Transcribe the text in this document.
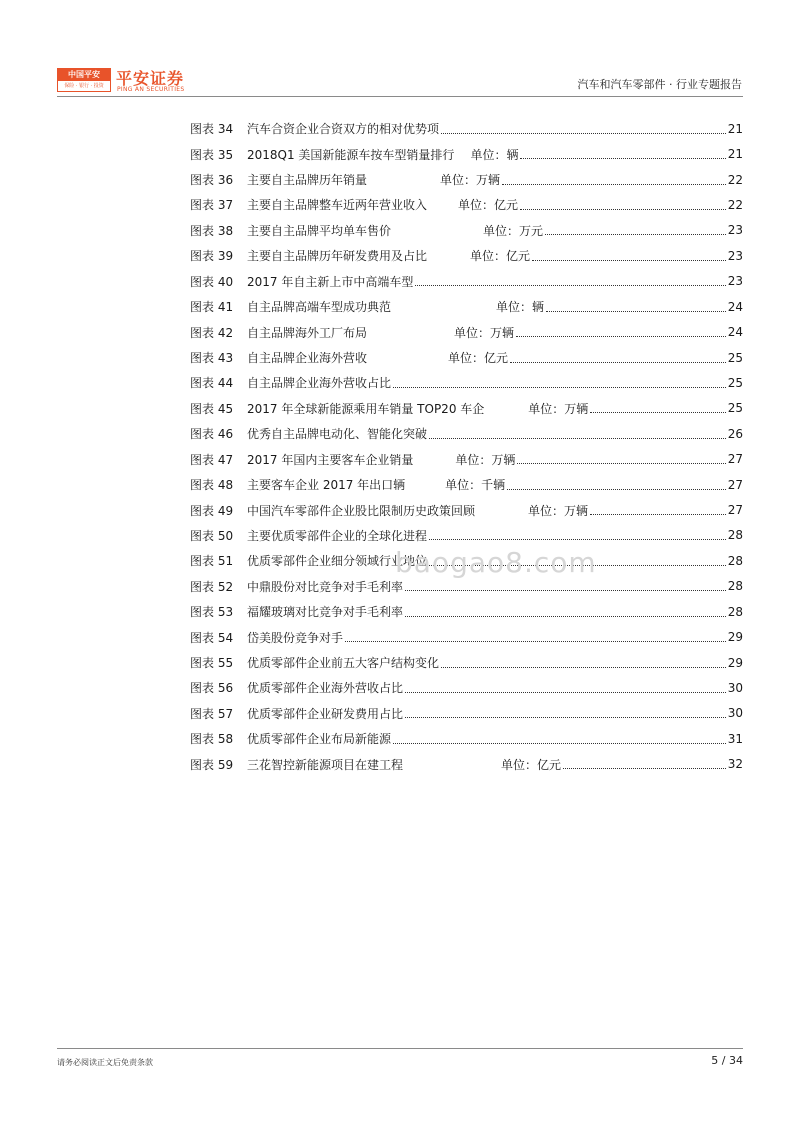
中国平安
保险 · 银行 · 投资 平安证券
PING AN SECURITIES	汽车和汽车零部件 · 行业专题报告
图表 34	汽车合资企业合资双方的相对优势项	21
图表 35	2018Q1 美国新能源车按车型销量排行 单位：辆	21
图表 36	主要自主品牌历年销量	单位：万辆	22
图表 37	主要自主品牌整车近两年营业收入	单位：亿元	22
图表 38	主要自主品牌平均单车售价	单位：万元	23
图表 39	主要自主品牌历年研发费用及占比	单位：亿元	23
图表 40	2017 年自主新上市中高端车型	23
图表 41	自主品牌高端车型成功典范	单位：辆	24
图表 42	自主品牌海外工厂布局	单位：万辆	24
图表 43	自主品牌企业海外营收	单位：亿元	25
图表 44	自主品牌企业海外营收占比	25
图表 45	2017 年全球新能源乘用车销量 TOP20 车企	单位：万辆	25
图表 46	优秀自主品牌电动化、智能化突破	26
图表 47	2017 年国内主要客车企业销量	单位：万辆	27
图表 48	主要客车企业 2017 年出口辆	单位：千辆	27
图表 49	中国汽车零部件企业股比限制历史政策回顾	单位：万辆	27
图表 50	主要优质零部件企业的全球化进程	28
图表 51	优质零部件企业细分领域行业地位	28
图表 52	中鼎股份对比竞争对手毛利率	28
图表 53	福耀玻璃对比竞争对手毛利率	28
图表 54	岱美股份竞争对手	29
图表 55	优质零部件企业前五大客户结构变化	29
图表 56	优质零部件企业海外营收占比	30
图表 57	优质零部件企业研发费用占比	30
图表 58	优质零部件企业布局新能源	31
图表 59	三花智控新能源项目在建工程	单位：亿元	32
baogao8.com
请务必阅读正文后免责条款	5 / 34
